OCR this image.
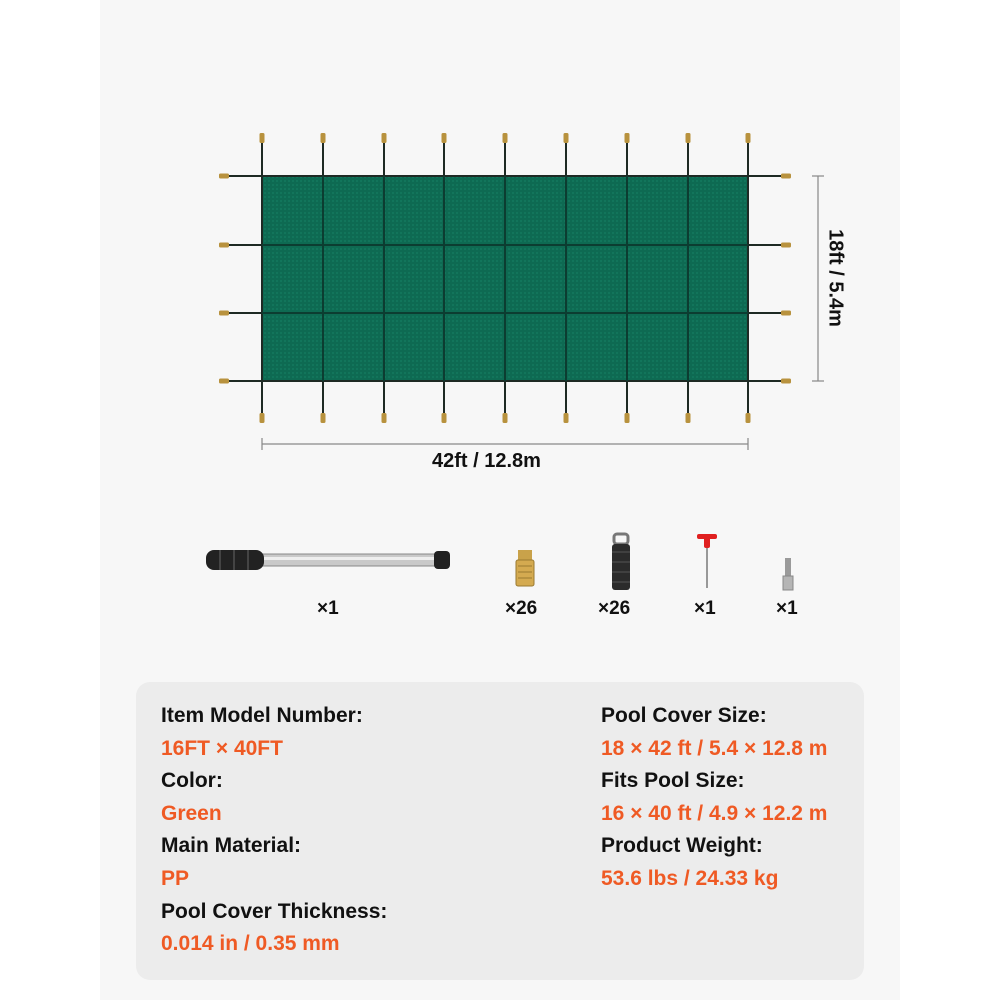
42ft / 12.8m
18ft / 5.4m
×1	×26	×26	×1	×1
Item Model Number:
16FT × 40FT
Color:
Green
Main Material:
PP
Pool Cover Thickness:
0.014 in / 0.35 mm
Pool Cover Size:
18 × 42 ft / 5.4 × 12.8 m
Fits Pool Size:
16 × 40 ft / 4.9 × 12.2 m
Product Weight:
53.6 lbs / 24.33 kg
